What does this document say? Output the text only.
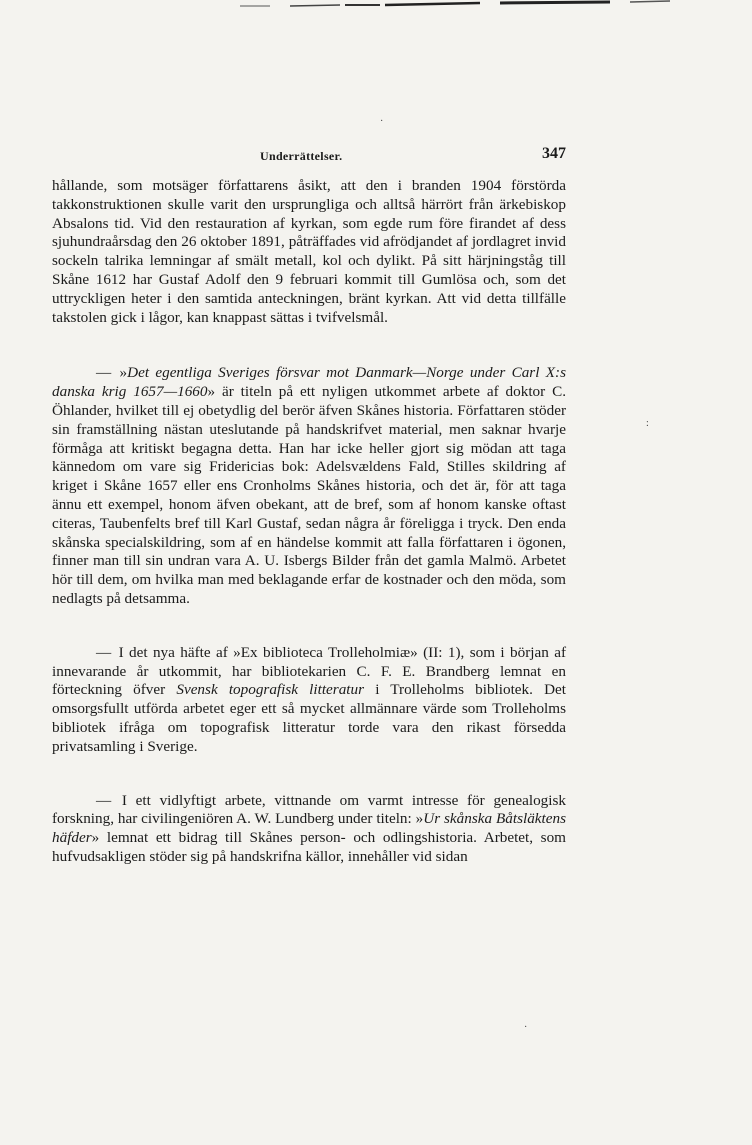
·
:
·
Underrättelser.	347

hållande, som motsäger författarens åsikt, att den i branden 1904 förstörda takkonstruktionen skulle varit den ursprungliga och alltså härrört från ärkebiskop Absalons tid. Vid den restauration af kyrkan, som egde rum före firandet af dess sjuhundraårsdag den 26 oktober 1891, påträffades vid afrödjandet af jordlagret invid sockeln talrika lemningar af smält metall, kol och dylikt. På sitt härjningståg till Skåne 1612 har Gustaf Adolf den 9 februari kommit till Gumlösa och, som det uttryckligen heter i den samtida anteckningen, bränt kyrkan. Att vid detta tillfälle takstolen gick i lågor, kan knappast sättas i tvifvelsmål.

— »Det egentliga Sveriges försvar mot Danmark—Norge under Carl X:s danska krig 1657—1660» är titeln på ett nyligen utkommet arbete af doktor C. Öhlander, hvilket till ej obetydlig del berör äfven Skånes historia. Författaren stöder sin framställning nästan uteslutande på handskrifvet material, men saknar hvarje förmåga att kritiskt begagna detta. Han har icke heller gjort sig mödan att taga kännedom om vare sig Fridericias bok: Adelsvældens Fald, Stilles skildring af kriget i Skåne 1657 eller ens Cronholms Skånes historia, och det är, för att taga ännu ett exempel, honom äfven obekant, att de bref, som af honom kanske oftast citeras, Taubenfelts bref till Karl Gustaf, sedan några år föreligga i tryck. Den enda skånska specialskildring, som af en händelse kommit att falla författaren i ögonen, finner man till sin undran vara A. U. Isbergs Bilder från det gamla Malmö. Arbetet hör till dem, om hvilka man med beklagande erfar de kostnader och den möda, som nedlagts på detsamma.

— I det nya häfte af »Ex biblioteca Trolleholmiæ» (II: 1), som i början af innevarande år utkommit, har bibliotekarien C. F. E. Brandberg lemnat en förteckning öfver Svensk topografisk litteratur i Trolleholms bibliotek. Det omsorgsfullt utförda arbetet eger ett så mycket allmännare värde som Trolleholms bibliotek ifråga om topografisk litteratur torde vara den rikast försedda privatsamling i Sverige.

— I ett vidlyftigt arbete, vittnande om varmt intresse för genealogisk forskning, har civilingeniören A. W. Lundberg under titeln: »Ur skånska Båtsläktens häfder» lemnat ett bidrag till Skånes person- och odlingshistoria. Arbetet, som hufvudsakligen stöder sig på handskrifna källor, innehåller vid sidan
